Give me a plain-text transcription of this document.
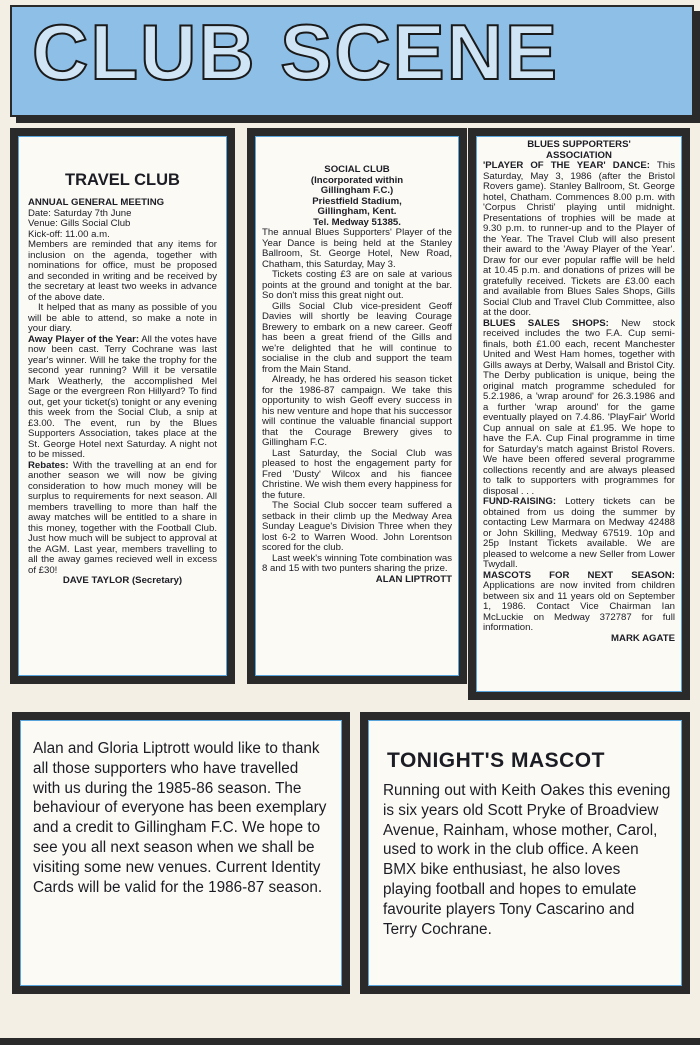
CLUB SCENE
TRAVEL CLUB

ANNUAL GENERAL MEETING

Date: Saturday 7th June

Venue: Gills Social Club

Kick-off: 11.00 a.m.

Members are reminded that any items for inclusion on the agenda, together with nominations for office, must be proposed and seconded in writing and be received by the secretary at least two weeks in advance of the above date.

It helped that as many as possible of you will be able to attend, so make a note in your diary.

Away Player of the Year: All the votes have now been cast. Terry Cochrane was last year's winner. Will he take the trophy for the second year running? Will it be versatile Mark Weatherly, the accomplished Mel Sage or the evergreen Ron Hillyard? To find out, get your ticket(s) tonight or any evening this week from the Social Club, a snip at £3.00. The event, run by the Blues Supporters Association, takes place at the St. George Hotel next Saturday. A night not to be missed.

Rebates: With the travelling at an end for another season we will now be giving consideration to how much money will be surplus to requirements for next season. All members travelling to more than half the away matches will be entitled to a share in this money, together with the Football Club. Just how much will be subject to approval at the AGM. Last year, members travelling to all the away games recieved well in excess of £30!

DAVE TAYLOR (Secretary)

SOCIAL CLUB

(Incorporated within

Gillingham F.C.)

Priestfield Stadium,

Gillingham, Kent.

Tel. Medway 51385.

The annual Blues Supporters' Player of the Year Dance is being held at the Stanley Ballroom, St. George Hotel, New Road, Chatham, this Saturday, May 3.

Tickets costing £3 are on sale at various points at the ground and tonight at the bar. So don't miss this great night out.

Gills Social Club vice-president Geoff Davies will shortly be leaving Courage Brewery to embark on a new career. Geoff has been a great friend of the Gills and we're delighted that he will continue to socialise in the club and support the team from the Main Stand.

Already, he has ordered his season ticket for the 1986-87 campaign. We take this opportunity to wish Geoff every success in his new venture and hope that his successor will continue the valuable financial support that the Courage Brewery gives to Gillingham F.C.

Last Saturday, the Social Club was pleased to host the engagement party for Fred 'Dusty' Wilcox and his fiancee Christine. We wish them every happiness for the future.

The Social Club soccer team suffered a setback in their climb up the Medway Area Sunday League's Division Three when they lost 6-2 to Warren Wood. John Lorentson scored for the club.

Last week's winning Tote combination was 8 and 15 with two punters sharing the prize.

ALAN LIPTROTT

BLUES SUPPORTERS'

ASSOCIATION

'PLAYER OF THE YEAR' DANCE: This Saturday, May 3, 1986 (after the Bristol Rovers game). Stanley Ballroom, St. George hotel, Chatham. Commences 8.00 p.m. with 'Corpus Christi' playing until midnight. Presentations of trophies will be made at 9.30 p.m. to runner-up and to the Player of the Year. The Travel Club will also present their award to the 'Away Player of the Year'. Draw for our ever popular raffle will be held at 10.45 p.m. and donations of prizes will be gratefully received. Tickets are £3.00 each and available from Blues Sales Shops, Gills Social Club and Travel Club Committee, also at the door.

BLUES SALES SHOPS: New stock received includes the two F.A. Cup semi-finals, both £1.00 each, recent Manchester United and West Ham homes, together with Gills aways at Derby, Walsall and Bristol City. The Derby publication is unique, being the original match programme scheduled for 5.2.1986, a 'wrap around' for 26.3.1986 and a further 'wrap around' for the game eventually played on 7.4.86. 'PlayFair' World Cup annual on sale at £1.95. We hope to have the F.A. Cup Final programme in time for Saturday's match against Bristol Rovers. We have been offered several programme collections recently and are always pleased to talk to supporters with programmes for disposal . . .

FUND-RAISING: Lottery tickets can be obtained from us doing the summer by contacting Lew Marmara on Medway 42488 or John Skilling, Medway 67519. 10p and 25p Instant Tickets available. We are pleased to welcome a new Seller from Lower Twydall.

MASCOTS FOR NEXT SEASON: Applications are now invited from children between six and 11 years old on September 1, 1986. Contact Vice Chairman Ian McLuckie on Medway 372787 for full information.

MARK AGATE

Alan and Gloria Liptrott would like to thank all those supporters who have travelled with us during the 1985-86 season. The behaviour of everyone has been exemplary and a credit to Gillingham F.C. We hope to see you all next season when we shall be visiting some new venues. Current Identity Cards will be valid for the 1986-87 season.

TONIGHT'S MASCOT

Running out with Keith Oakes this evening is six years old Scott Pryke of Broadview Avenue, Rainham, whose mother, Carol, used to work in the club office. A keen BMX bike enthusiast, he also loves playing football and hopes to emulate favourite players Tony Cascarino and Terry Cochrane.
